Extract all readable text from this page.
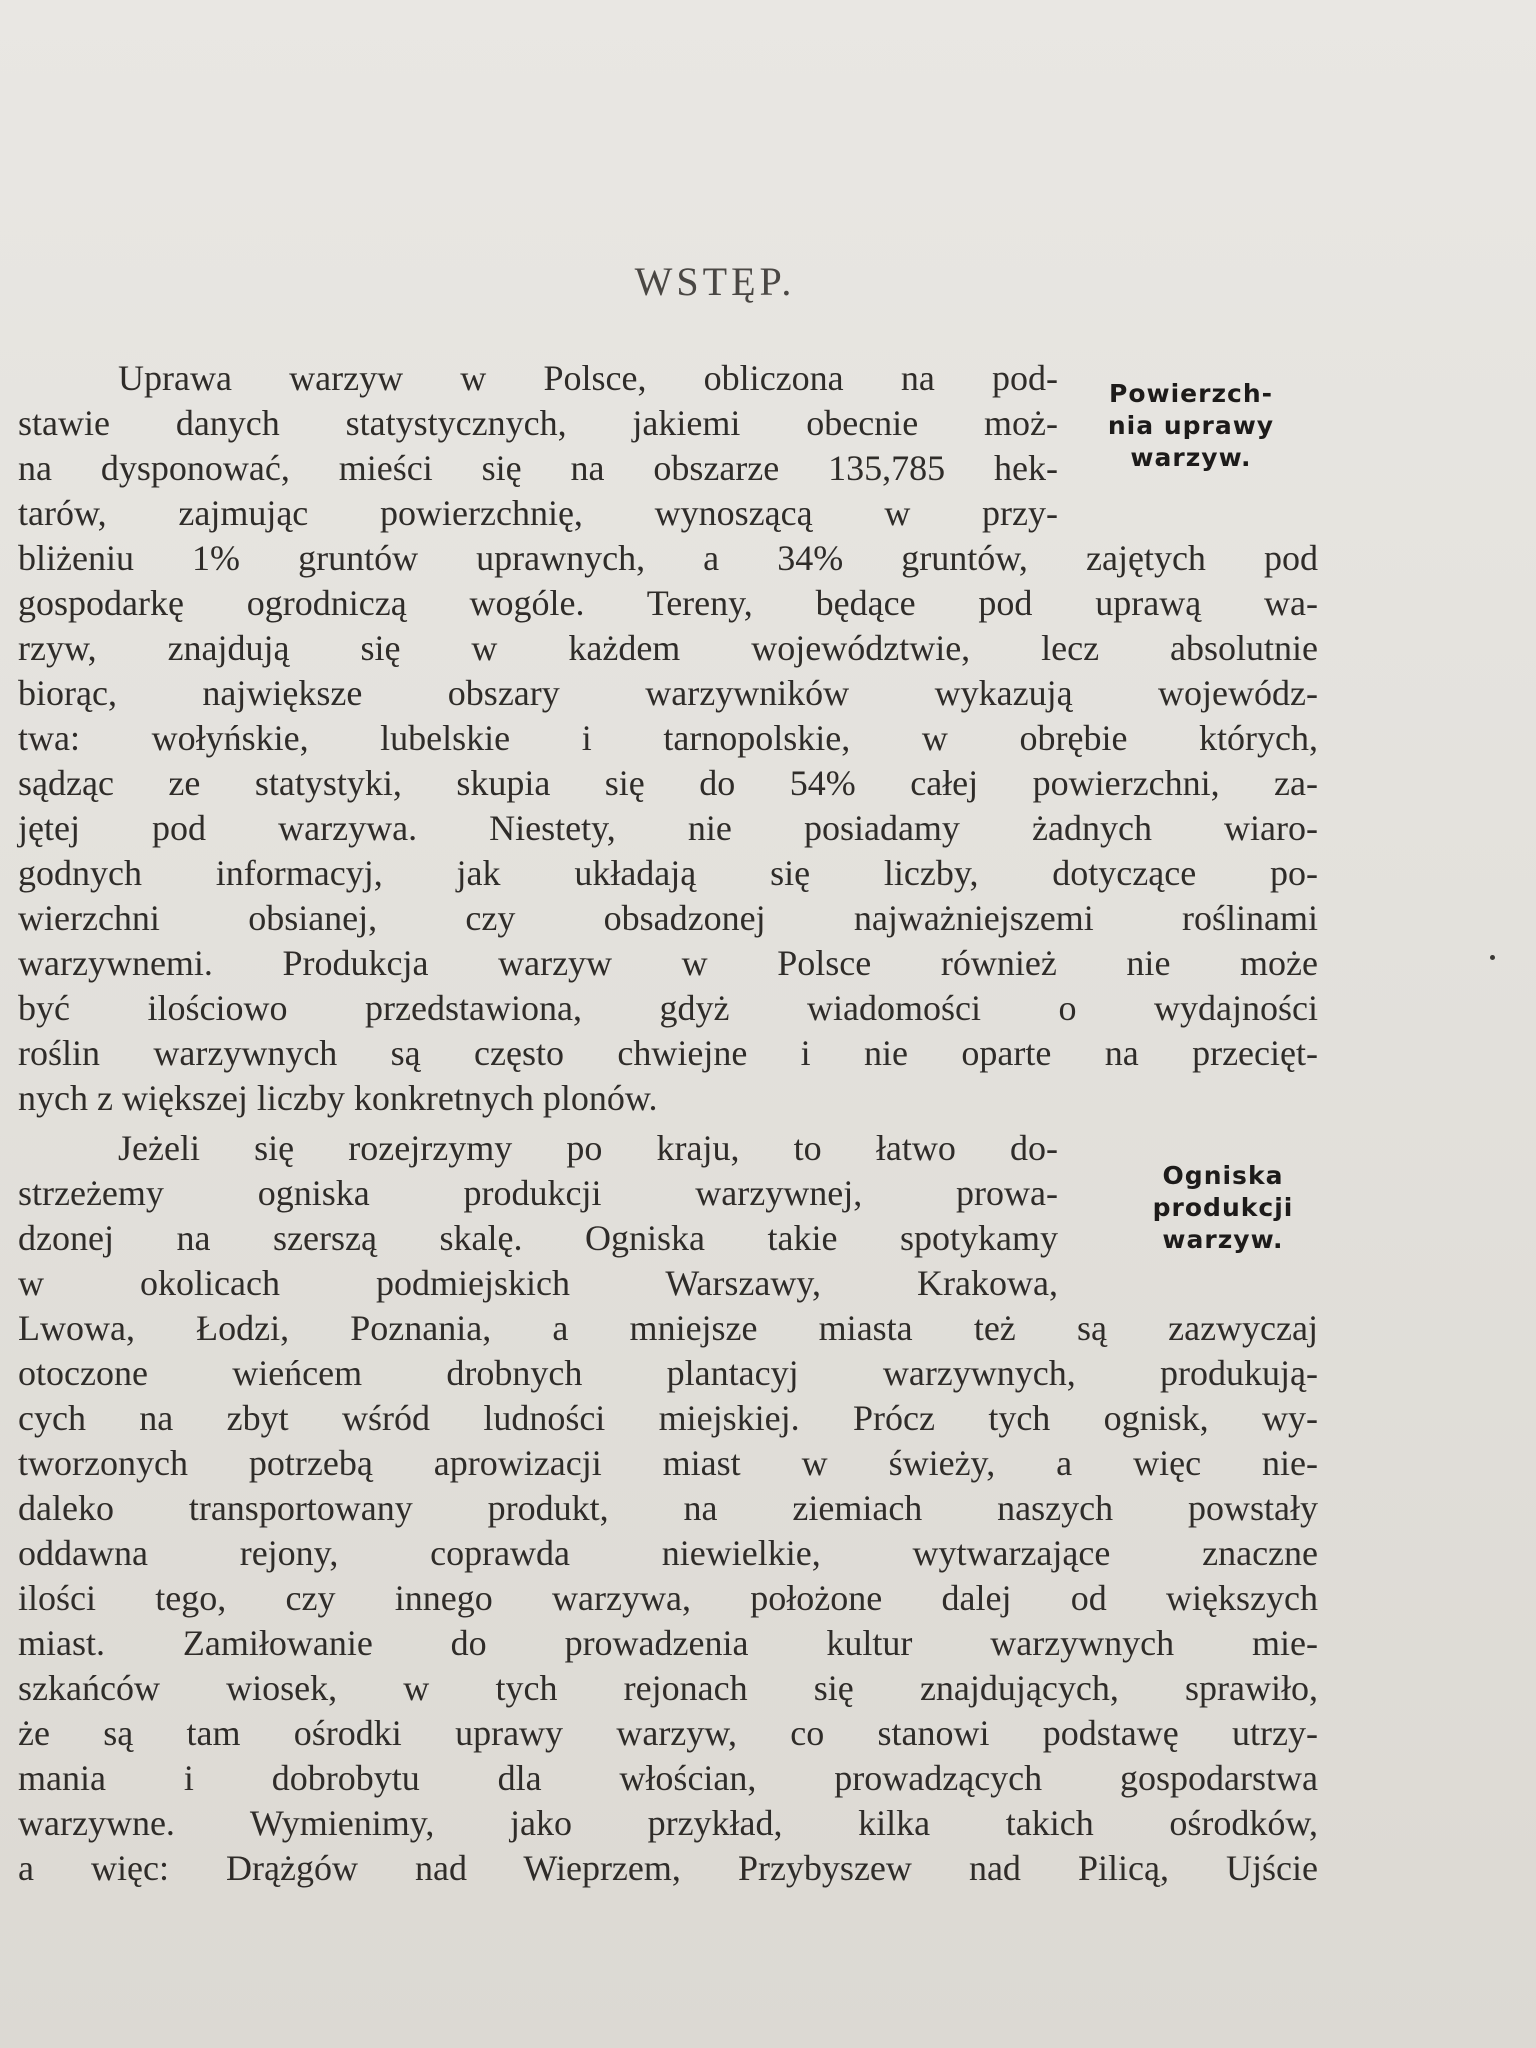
WSTĘP.
Powierzch-
nia uprawy
warzyw.
Ogniska
produkcji
warzyw.
Uprawa warzyw w Polsce, obliczona na pod-
stawie danych statystycznych, jakiemi obecnie moż-
na dysponować, mieści się na obszarze 135,785 hek-
tarów, zajmując powierzchnię, wynoszącą w przy-
bliżeniu 1% gruntów uprawnych, a 34% gruntów, zajętych pod
gospodarkę ogrodniczą wogóle. Tereny, będące pod uprawą wa-
rzyw, znajdują się w każdem województwie, lecz absolutnie
biorąc, największe obszary warzywników wykazują wojewódz-
twa: wołyńskie, lubelskie i tarnopolskie, w obrębie których,
sądząc ze statystyki, skupia się do 54% całej powierzchni, za-
jętej pod warzywa. Niestety, nie posiadamy żadnych wiaro-
godnych informacyj, jak układają się liczby, dotyczące po-
wierzchni obsianej, czy obsadzonej najważniejszemi roślinami
warzywnemi. Produkcja warzyw w Polsce również nie może
być ilościowo przedstawiona, gdyż wiadomości o wydajności
roślin warzywnych są często chwiejne i nie oparte na przecięt-
nych z większej liczby konkretnych plonów.
Jeżeli się rozejrzymy po kraju, to łatwo do-
strzeżemy ogniska produkcji warzywnej, prowa-
dzonej na szerszą skalę. Ogniska takie spotykamy
w okolicach podmiejskich Warszawy, Krakowa,
Lwowa, Łodzi, Poznania, a mniejsze miasta też są zazwyczaj
otoczone wieńcem drobnych plantacyj warzywnych, produkują-
cych na zbyt wśród ludności miejskiej. Prócz tych ognisk, wy-
tworzonych potrzebą aprowizacji miast w świeży, a więc nie-
daleko transportowany produkt, na ziemiach naszych powstały
oddawna rejony, coprawda niewielkie, wytwarzające znaczne
ilości tego, czy innego warzywa, położone dalej od większych
miast. Zamiłowanie do prowadzenia kultur warzywnych mie-
szkańców wiosek, w tych rejonach się znajdujących, sprawiło,
że są tam ośrodki uprawy warzyw, co stanowi podstawę utrzy-
mania i dobrobytu dla włościan, prowadzących gospodarstwa
warzywne. Wymienimy, jako przykład, kilka takich ośrodków,
a więc: Drążgów nad Wieprzem, Przybyszew nad Pilicą, Ujście
